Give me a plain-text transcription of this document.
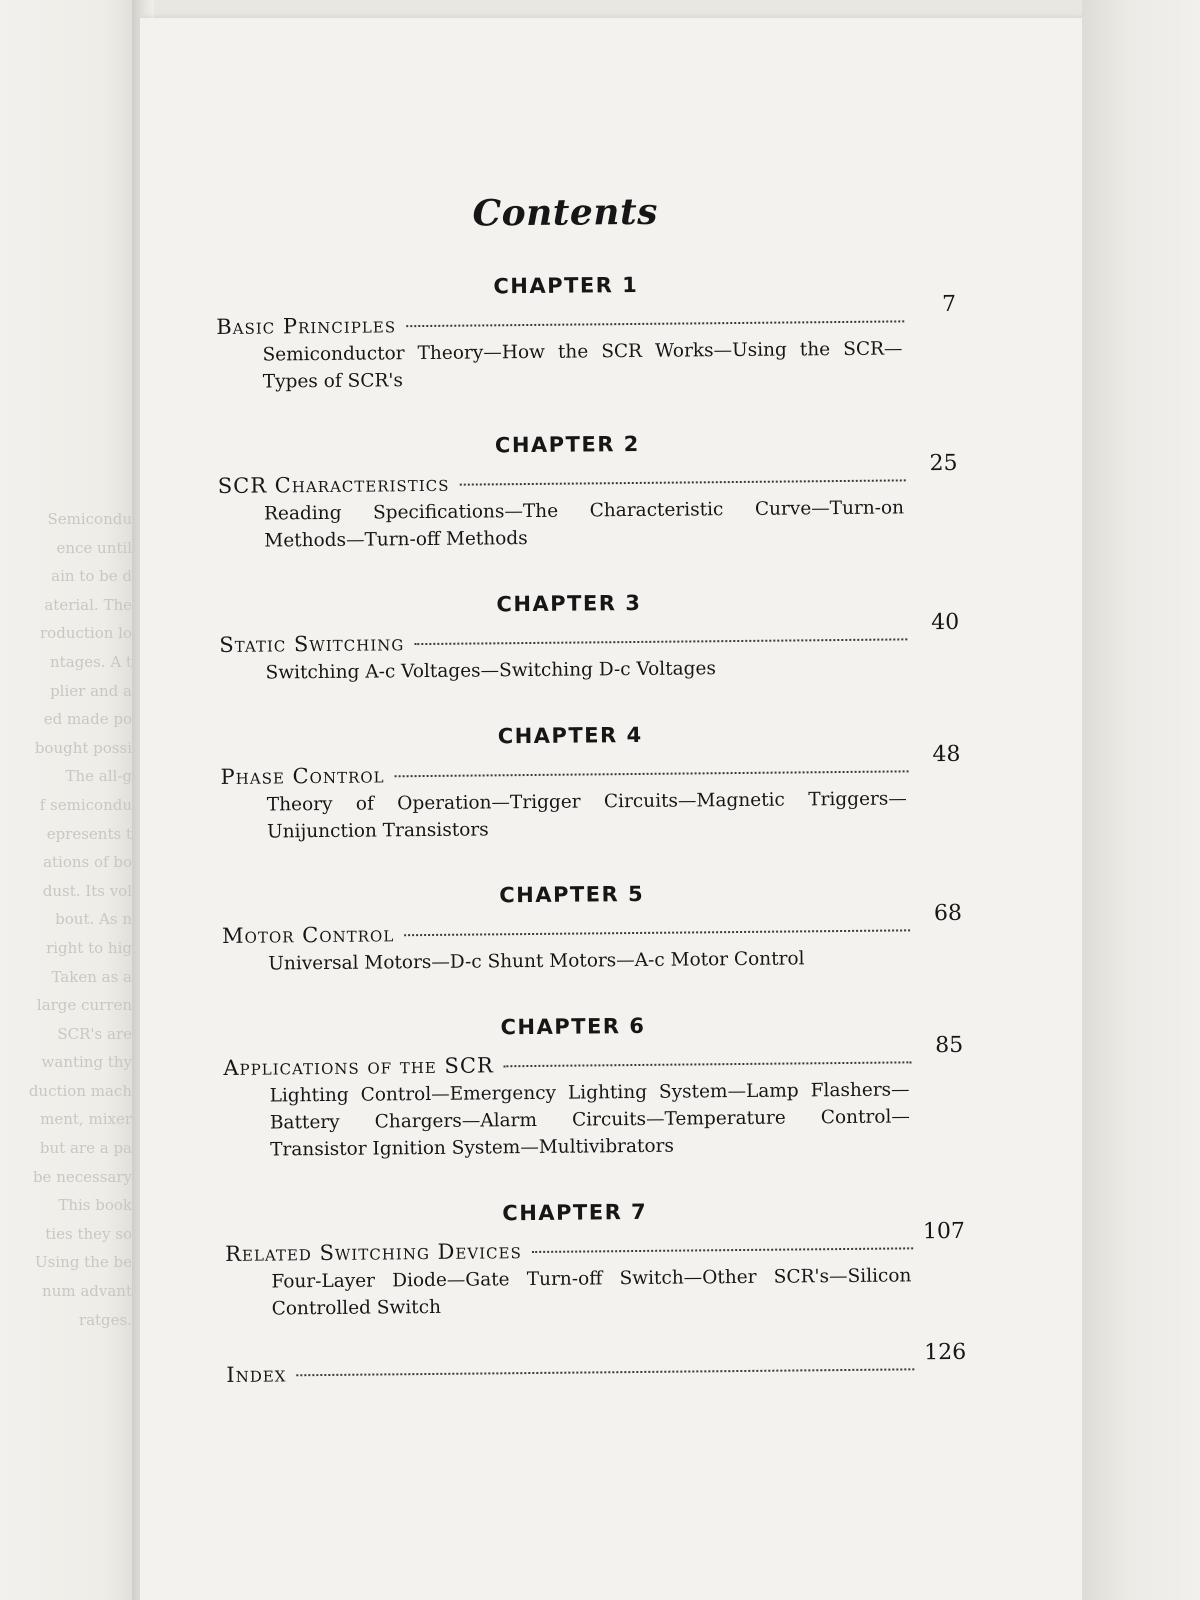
Semicondu
ence until
ain to be d
aterial. The
roduction lo
ntages. A t
plier and a
ed made po
bought possi
The all-g
f semicondu
epresents t
ations of bo
dust. Its vol
bout. As n
right to hig
Taken as a
large curren
SCR's are
wanting thy
duction mach
ment, mixer
but are a pa
be necessary
This book
ties they so
Using the be
num advant
ratges.
Contents
CHAPTER 1
Basic Principles
7
Semiconductor Theory—How the SCR Works—Using the SCR—Types of SCR's
CHAPTER 2
SCR Characteristics
25
Reading Specifications—The Characteristic Curve—Turn-on Methods—Turn-off Methods
CHAPTER 3
Static Switching
40
Switching A-c Voltages—Switching D-c Voltages
CHAPTER 4
Phase Control
48
Theory of Operation—Trigger Circuits—Magnetic Triggers—Unijunction Transistors
CHAPTER 5
Motor Control
68
Universal Motors—D-c Shunt Motors—A-c Motor Control
CHAPTER 6
Applications of the SCR
85
Lighting Control—Emergency Lighting System—Lamp Flashers—Battery Chargers—Alarm Circuits—Temperature Control—Transistor Ignition System—Multivibrators
CHAPTER 7
Related Switching Devices
107
Four-Layer Diode—Gate Turn-off Switch—Other SCR's—Silicon Controlled Switch
Index
126
